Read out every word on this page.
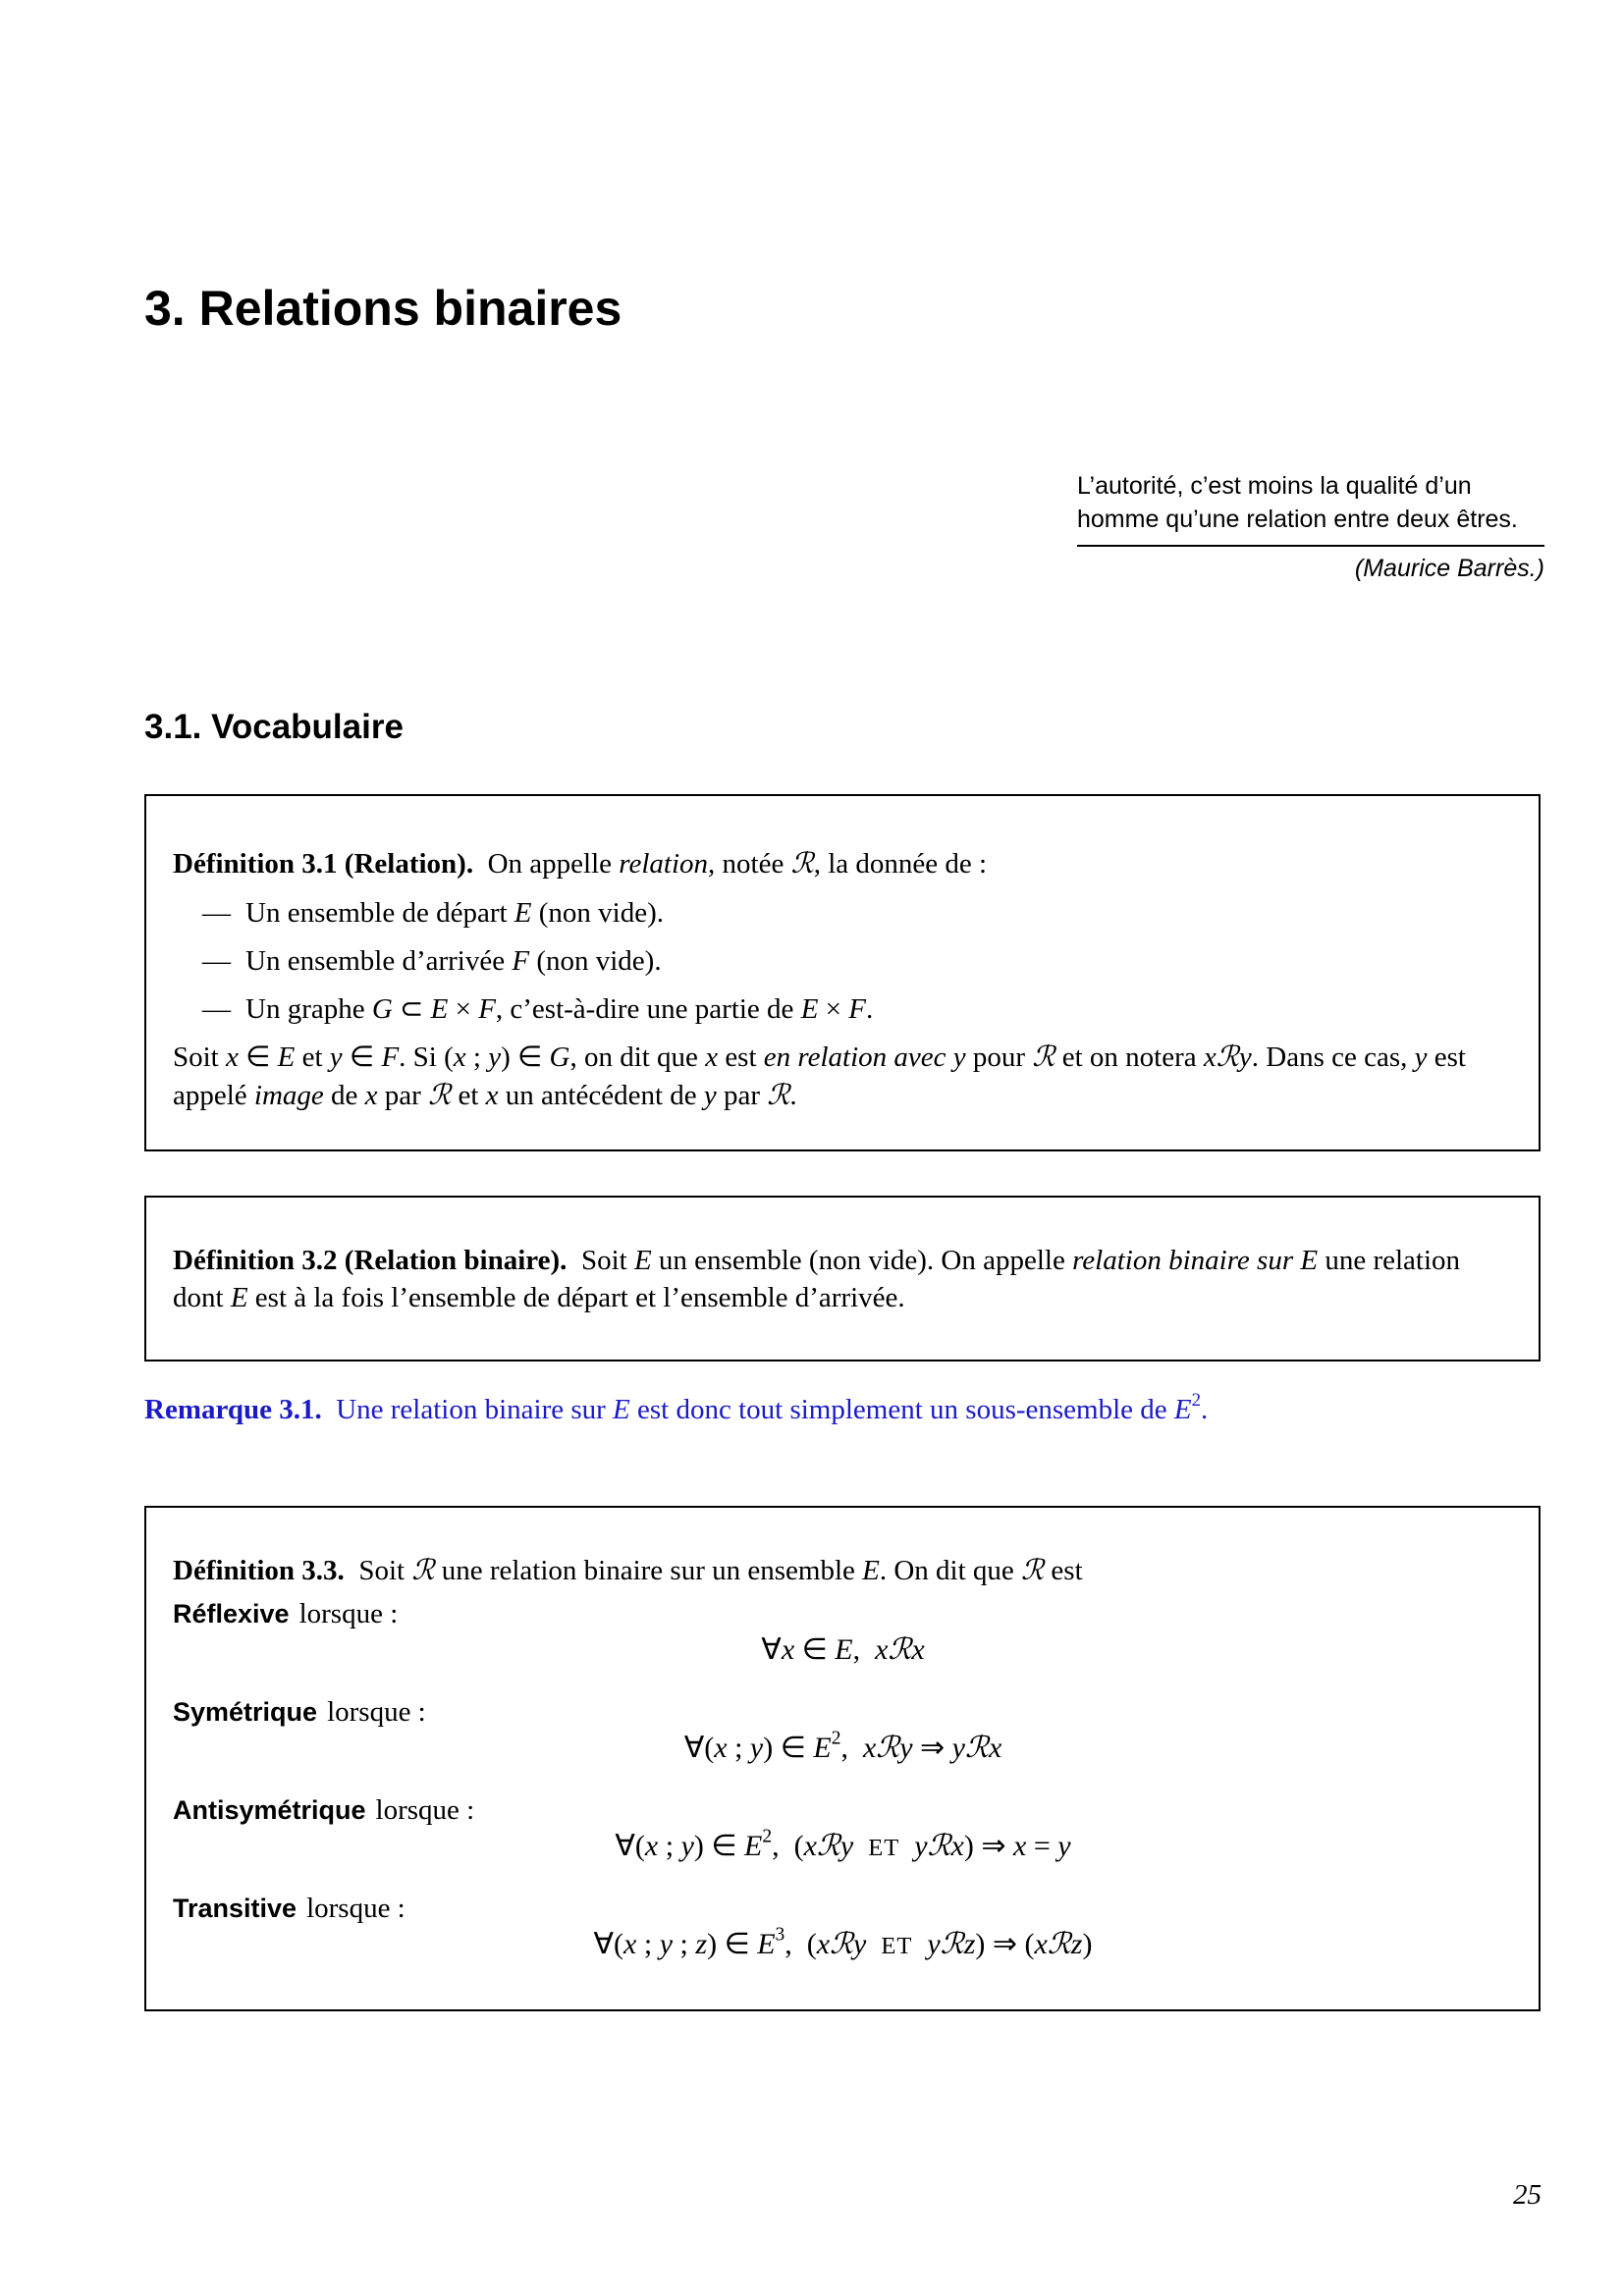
3. Relations binaires
L’autorité, c’est moins la qualité d’un
homme qu’une relation entre deux êtres.
(Maurice Barrès.)
3.1. Vocabulaire
Définition 3.1 (Relation). On appelle relation, notée ℛ, la donnée de :
— Un ensemble de départ E (non vide).
— Un ensemble d’arrivée F (non vide).
— Un graphe G ⊂ E × F, c’est-à-dire une partie de E × F.
Soit x ∈ E et y ∈ F. Si (x ; y) ∈ G, on dit que x est en relation avec y pour ℛ et on notera xℛy. Dans ce cas, y est
appelé image de x par ℛ et x un antécédent de y par ℛ.
Définition 3.2 (Relation binaire).  Soit E un ensemble (non vide). On appelle relation binaire sur E une relation
dont E est à la fois l’ensemble de départ et l’ensemble d’arrivée.
Remarque 3.1.  Une relation binaire sur E est donc tout simplement un sous-ensemble de $E^2$.
Définition 3.3.  Soit ℛ une relation binaire sur un ensemble E. On dit que ℛ est
Réflexive lorsque :
∀x ∈ E,  xℛx
Symétrique lorsque :
∀(x ; y) ∈ $E^2$,  xℛy ⇒ yℛx
Antisymétrique lorsque :
∀(x ; y) ∈ $E^2$, (xℛy  ET  yℛx) ⇒ x = y
Transitive lorsque :
∀(x ; y ; z) ∈ $E^3$, (xℛy  ET  yℛz) ⇒ (xℛz)
25
